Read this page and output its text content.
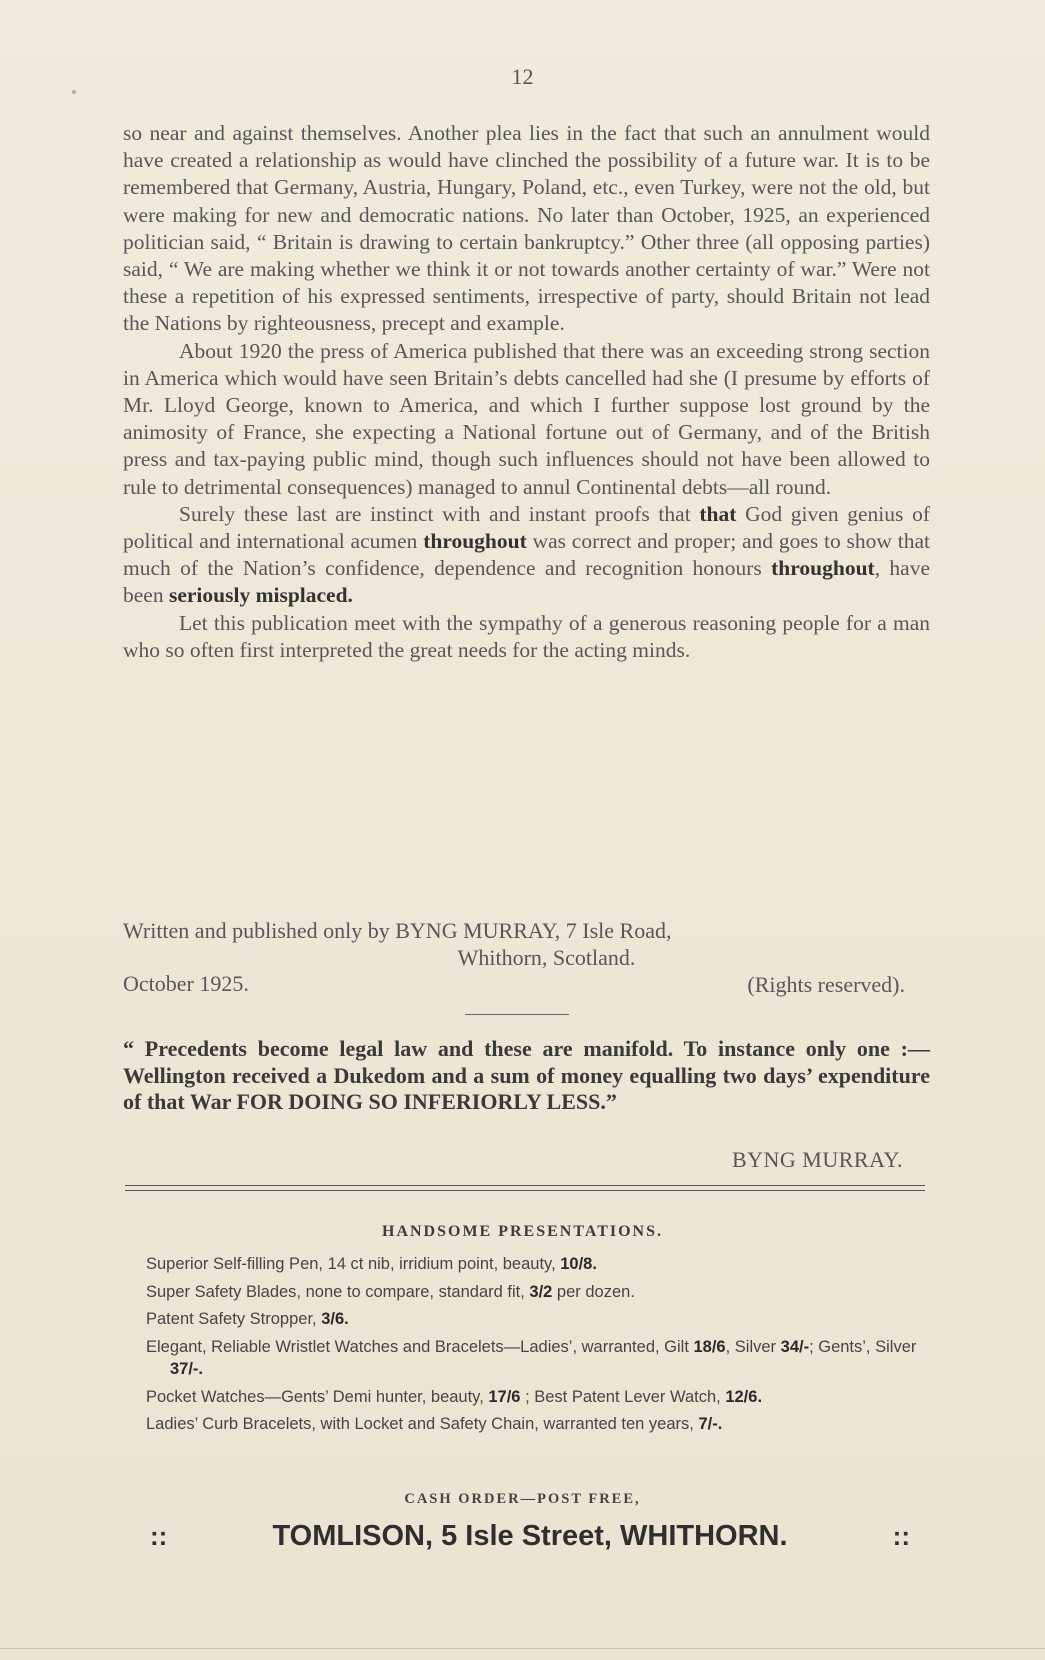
12

so near and against themselves. Another plea lies in the fact that such an annulment would have created a relationship as would have clinched the possibility of a future war. It is to be remembered that Germany, Austria, Hungary, Poland, etc., even Turkey, were not the old, but were making for new and democratic nations. No later than October, 1925, an experienced politician said, “ Britain is drawing to certain bankruptcy.” Other three (all opposing parties) said, “ We are making whether we think it or not towards another certainty of war.” Were not these a repetition of his expressed sentiments, irrespective of party, should Britain not lead the Nations by righteousness, precept and example.

About 1920 the press of America published that there was an exceeding strong section in America which would have seen Britain’s debts cancelled had she (I presume by efforts of Mr. Lloyd George, known to America, and which I further suppose lost ground by the animosity of France, she expecting a National fortune out of Germany, and of the British press and tax-paying public mind, though such influences should not have been allowed to rule to detrimental consequences) managed to annul Continental debts—all round.

Surely these last are instinct with and instant proofs that that God given genius of political and international acumen throughout was correct and proper; and goes to show that much of the Nation’s confidence, dependence and recognition honours throughout, have been seriously misplaced.

Let this publication meet with the sympathy of a generous reasoning people for a man who so often first interpreted the great needs for the acting minds.

Written and published only by BYNG MURRAY, 7 Isle Road,
Whithorn, Scotland.
October 1925.	(Rights reserved).
“ Precedents become legal law and these are manifold. To instance only one :—Wellington received a Dukedom and a sum of money equalling two days’ expenditure of that War FOR DOING SO INFERIORLY LESS.”
BYNG MURRAY.
HANDSOME PRESENTATIONS.
Superior Self-filling Pen, 14 ct nib, irridium point, beauty, 10/8.
Super Safety Blades, none to compare, standard fit, 3/2 per dozen.
Patent Safety Stropper, 3/6.
Elegant, Reliable Wristlet Watches and Bracelets—Ladies’, warranted, Gilt 18/6, Silver 34/-; Gents’, Silver 37/-.
Pocket Watches—Gents’ Demi hunter, beauty, 17/6 ; Best Patent Lever Watch, 12/6.
Ladies’ Curb Bracelets, with Locket and Safety Chain, warranted ten years, 7/-.
CASH ORDER—POST FREE,
::	TOMLISON, 5 Isle Street, WHITHORN.	::
